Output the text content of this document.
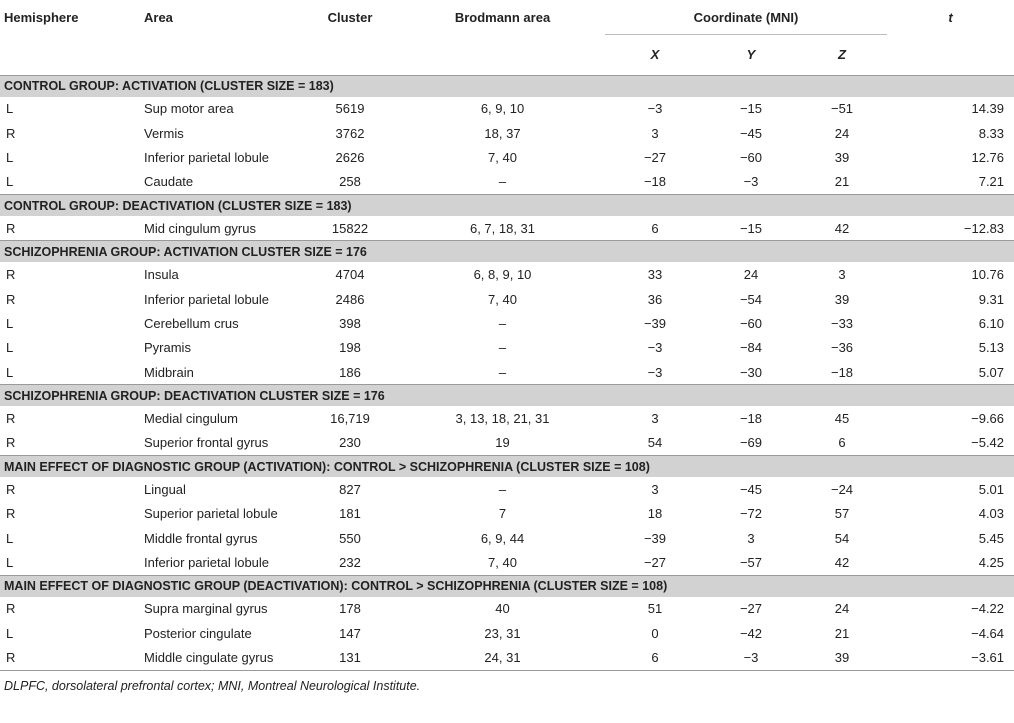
Hemisphere	Area	Cluster	Brodmann area	Coordinate (MNI)			t
				X	Y	Z	
CONTROL GROUP: ACTIVATION (CLUSTER SIZE = 183)							
L	Sup motor area	5619	6, 9, 10	−3	−15	−51	14.39
R	Vermis	3762	18, 37	3	−45	24	8.33
L	Inferior parietal lobule	2626	7, 40	−27	−60	39	12.76
L	Caudate	258	–	−18	−3	21	7.21
CONTROL GROUP: DEACTIVATION (CLUSTER SIZE = 183)							
R	Mid cingulum gyrus	15822	6, 7, 18, 31	6	−15	42	−12.83
SCHIZOPHRENIA GROUP: ACTIVATION CLUSTER SIZE = 176							
R	Insula	4704	6, 8, 9, 10	33	24	3	10.76
R	Inferior parietal lobule	2486	7, 40	36	−54	39	9.31
L	Cerebellum crus	398	–	−39	−60	−33	6.10
L	Pyramis	198	–	−3	−84	−36	5.13
L	Midbrain	186	–	−3	−30	−18	5.07
SCHIZOPHRENIA GROUP: DEACTIVATION CLUSTER SIZE = 176							
R	Medial cingulum	16,719	3, 13, 18, 21, 31	3	−18	45	−9.66
R	Superior frontal gyrus	230	19	54	−69	6	−5.42
MAIN EFFECT OF DIAGNOSTIC GROUP (ACTIVATION): CONTROL > SCHIZOPHRENIA (CLUSTER SIZE = 108)							
R	Lingual	827	–	3	−45	−24	5.01
R	Superior parietal lobule	181	7	18	−72	57	4.03
L	Middle frontal gyrus	550	6, 9, 44	−39	3	54	5.45
L	Inferior parietal lobule	232	7, 40	−27	−57	42	4.25
MAIN EFFECT OF DIAGNOSTIC GROUP (DEACTIVATION): CONTROL > SCHIZOPHRENIA (CLUSTER SIZE = 108)							
R	Supra marginal gyrus	178	40	51	−27	24	−4.22
L	Posterior cingulate	147	23, 31	0	−42	21	−4.64
R	Middle cingulate gyrus	131	24, 31	6	−3	39	−3.61
DLPFC, dorsolateral prefrontal cortex; MNI, Montreal Neurological Institute.							
